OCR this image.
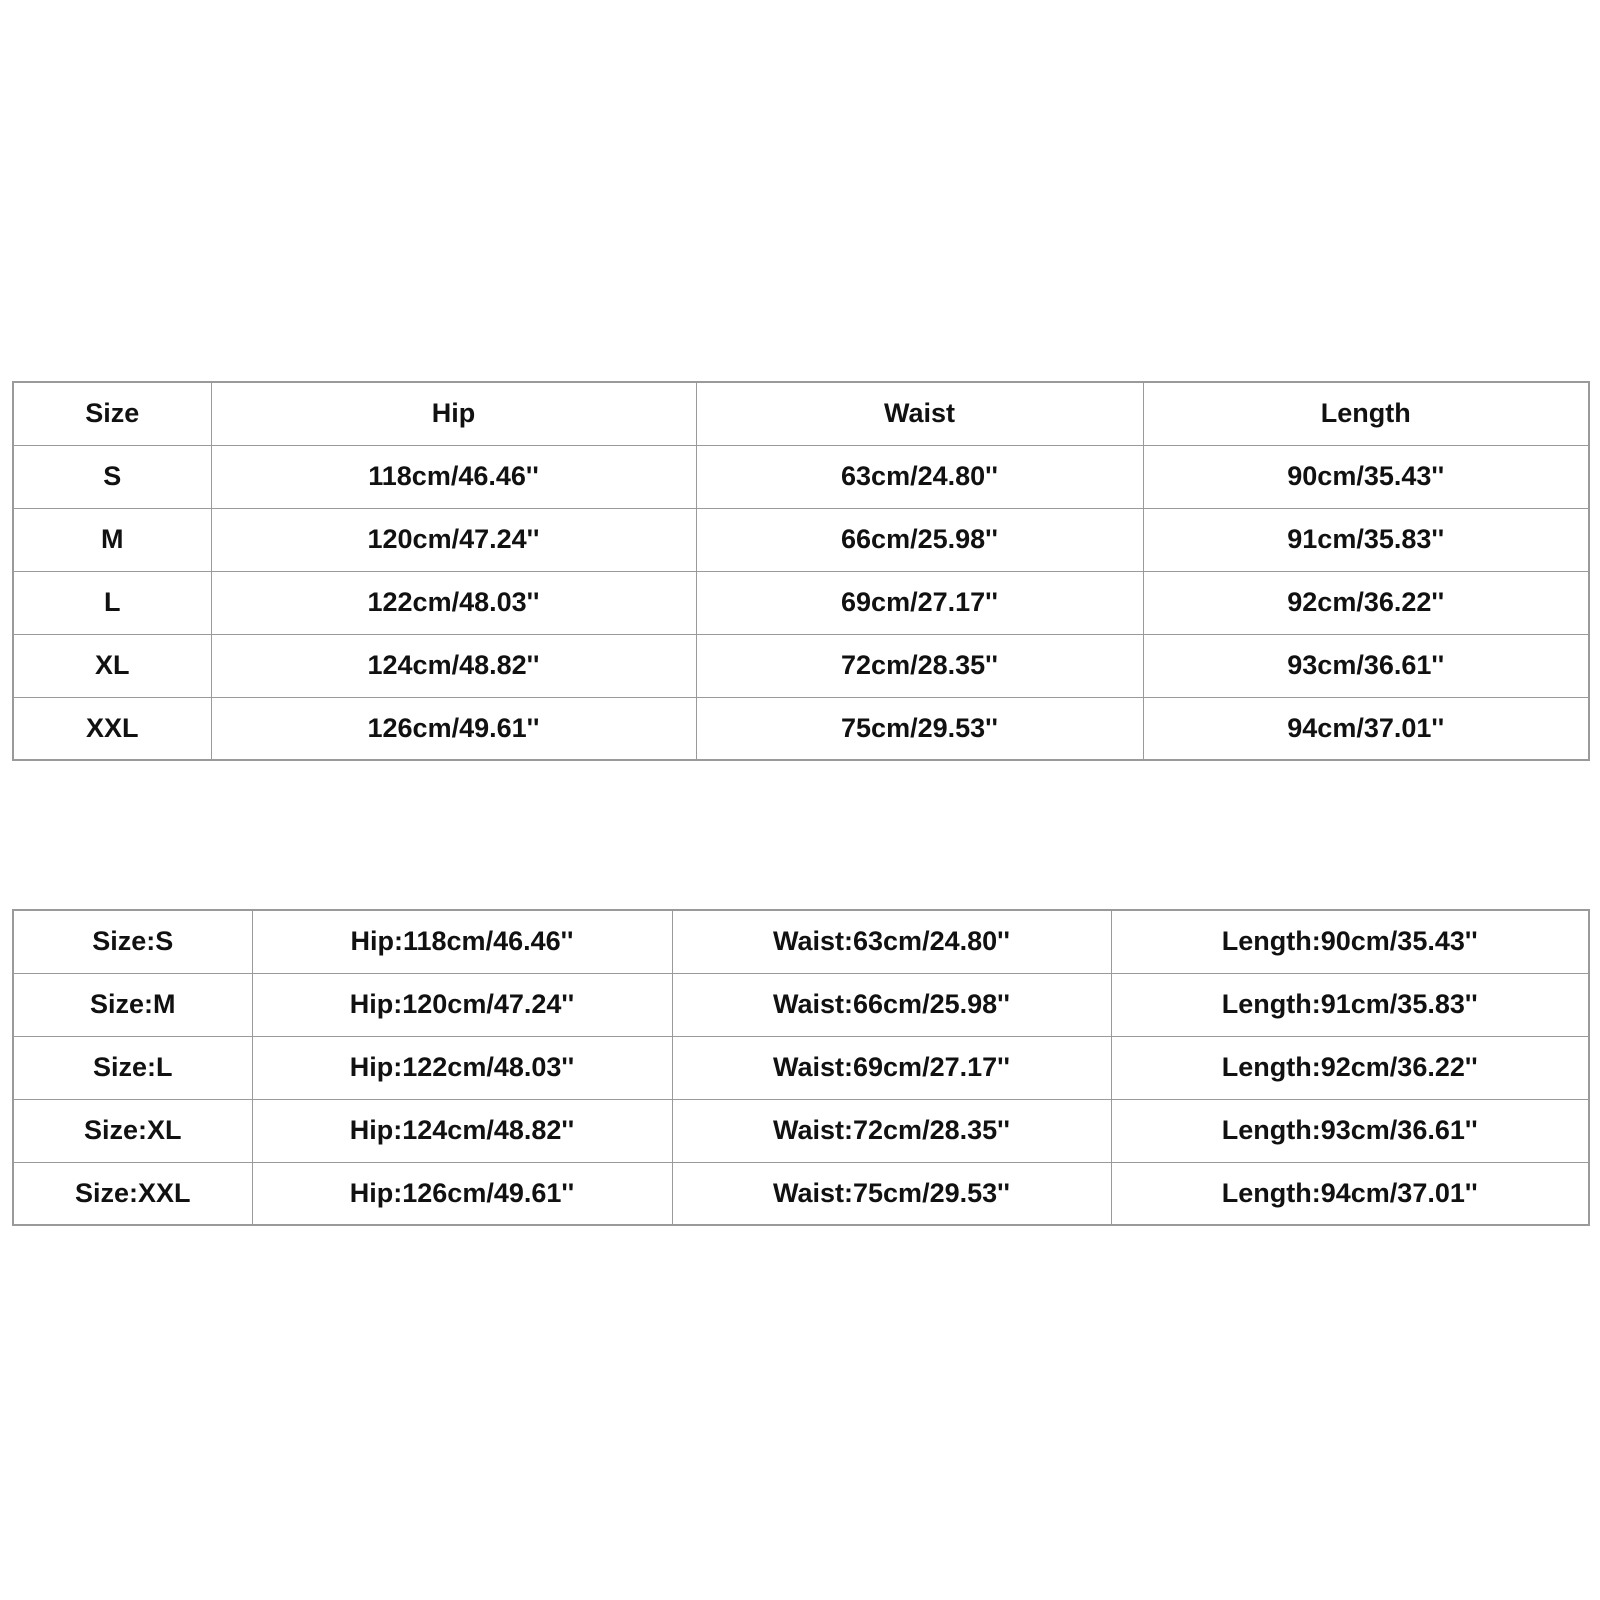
Size	Hip	Waist	Length
S	118cm/46.46''	63cm/24.80''	90cm/35.43''
M	120cm/47.24''	66cm/25.98''	91cm/35.83''
L	122cm/48.03''	69cm/27.17''	92cm/36.22''
XL	124cm/48.82''	72cm/28.35''	93cm/36.61''
XXL	126cm/49.61''	75cm/29.53''	94cm/37.01''
Size:S	Hip:118cm/46.46''	Waist:63cm/24.80''	Length:90cm/35.43''
Size:M	Hip:120cm/47.24''	Waist:66cm/25.98''	Length:91cm/35.83''
Size:L	Hip:122cm/48.03''	Waist:69cm/27.17''	Length:92cm/36.22''
Size:XL	Hip:124cm/48.82''	Waist:72cm/28.35''	Length:93cm/36.61''
Size:XXL	Hip:126cm/49.61''	Waist:75cm/29.53''	Length:94cm/37.01''
